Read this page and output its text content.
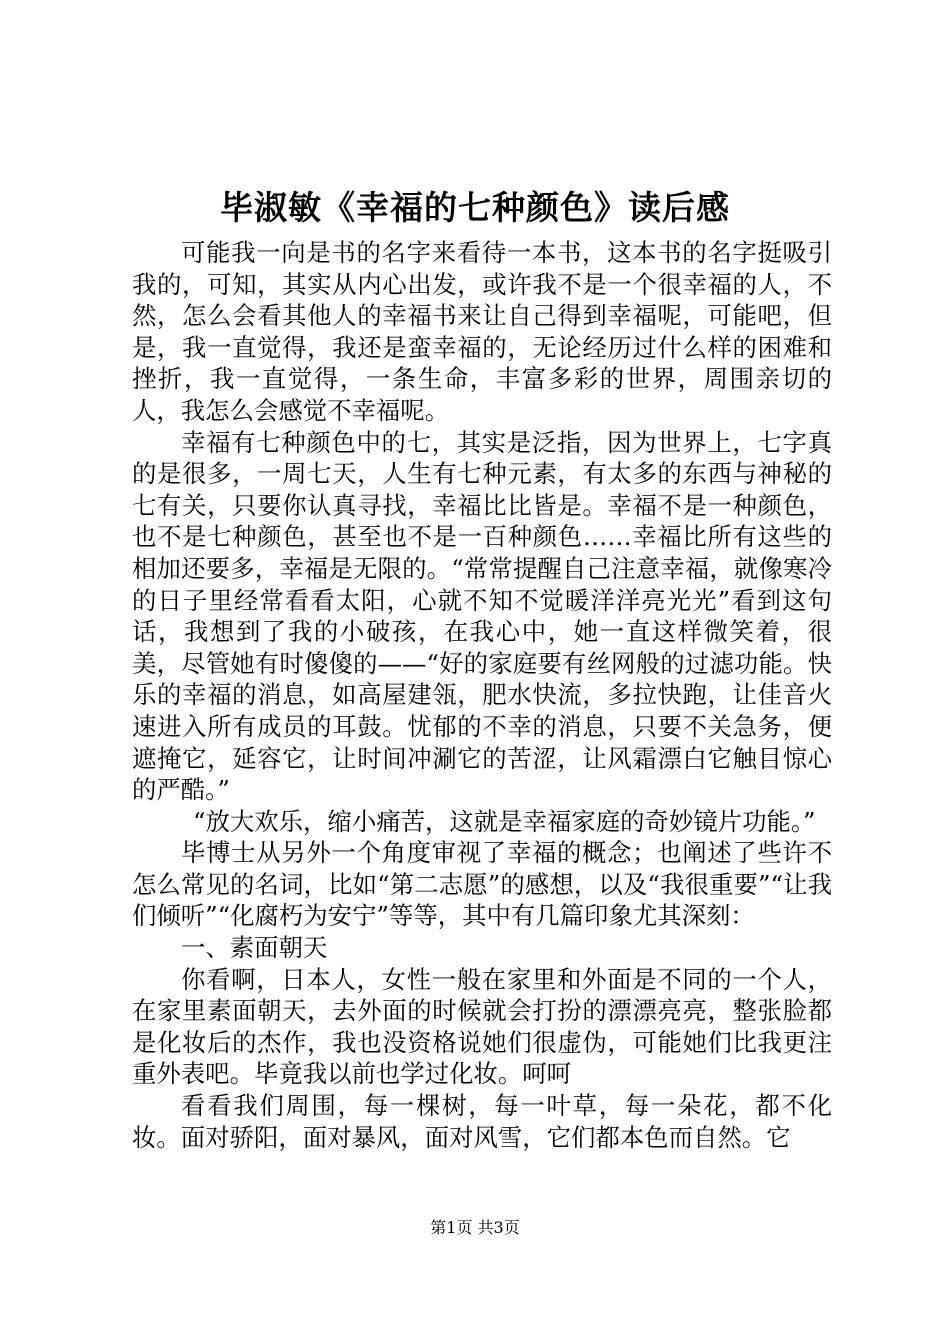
毕淑敏《幸福的七种颜色》读后感

可能我一向是书的名字来看待一本书，这本书的名字挺吸引我的，可知，其实从内心出发，或许我不是一个很幸福的人，不然，怎么会看其他人的幸福书来让自己得到幸福呢，可能吧，但是，我一直觉得，我还是蛮幸福的，无论经历过什么样的困难和挫折，我一直觉得，一条生命，丰富多彩的世界，周围亲切的人，我怎么会感觉不幸福呢。

幸福有七种颜色中的七，其实是泛指，因为世界上，七字真的是很多，一周七天，人生有七种元素，有太多的东西与神秘的七有关，只要你认真寻找，幸福比比皆是。幸福不是一种颜色，也不是七种颜色，甚至也不是一百种颜色……幸福比所有这些的相加还要多，幸福是无限的。“常常提醒自己注意幸福，就像寒冷的日子里经常看看太阳，心就不知不觉暖洋洋亮光光”看到这句话，我想到了我的小破孩，在我心中，她一直这样微笑着，很美，尽管她有时傻傻的——“好的家庭要有丝网般的过滤功能。快乐的幸福的消息，如高屋建瓴，肥水快流，多拉快跑，让佳音火速进入所有成员的耳鼓。忧郁的不幸的消息，只要不关急务，便遮掩它，延容它，让时间冲涮它的苦涩，让风霜漂白它触目惊心的严酷。”

“放大欢乐，缩小痛苦，这就是幸福家庭的奇妙镜片功能。”

毕博士从另外一个角度审视了幸福的概念；也阐述了些许不怎么常见的名词，比如“第二志愿”的感想，以及“我很重要”“让我们倾听”“化腐朽为安宁”等等，其中有几篇印象尤其深刻：

一、素面朝天

你看啊，日本人，女性一般在家里和外面是不同的一个人，在家里素面朝天，去外面的时候就会打扮的漂漂亮亮，整张脸都是化妆后的杰作，我也没资格说她们很虚伪，可能她们比我更注重外表吧。毕竟我以前也学过化妆。呵呵

看看我们周围，每一棵树，每一叶草，每一朵花，都不化妆。面对骄阳，面对暴风，面对风雪，它们都本色而自然。它

第1页 共3页
